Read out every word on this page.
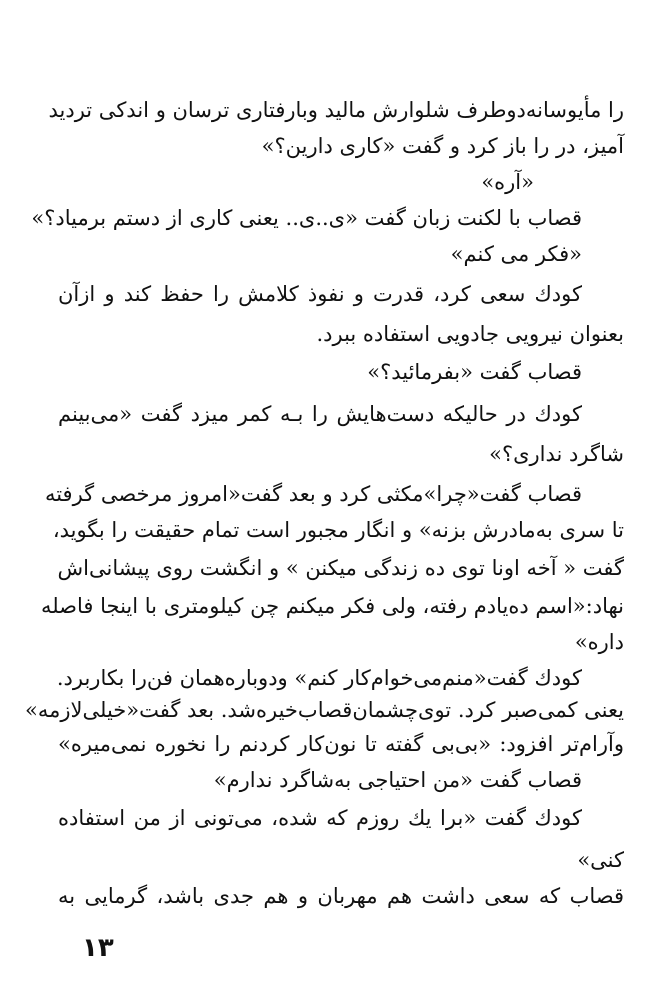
را مأیوسانه‌دوطرف شلوارش مالید وبارفتاری ترسان و اندکی تردید
آمیز، در را باز کرد و گفت «کاری دارین؟»
«آره»
قصاب با لکنت زبان گفت «ی..ی.. یعنی کاری از دستم برمیاد؟»
«فکر می کنم»
کودك سعی کرد، قدرت و نفوذ کلامش را حفظ کند و ازآن
بعنوان نیرویی جادویی استفاده ببرد.
قصاب گفت «بفرمائید؟»
کودك در حالیکه دست‌هایش را بـه کمر میزد گفت «می‌بینم
شاگرد نداری؟»
قصاب گفت«چرا»مکثی کرد و بعد گفت«امروز مرخصی گرفته
تا سری به‌مادرش بزنه» و انگار مجبور است تمام حقیقت را بگوید،
گفت « آخه اونا توی ده زندگی میکنن » و انگشت روی پیشانی‌اش
نهاد:«اسم ده‌یادم رفته، ولی فکر میکنم چن کیلومتری با اینجا فاصله
داره»
کودك گفت«منم‌می‌خوام‌کار کنم» ودوباره‌همان فن‌را بکاربرد.
یعنی کمی‌صبر کرد. توی‌چشمان‌قصاب‌خیره‌شد. بعد گفت«خیلی‌لازمه»
وآرام‌تر افزود: «بی‌بی گفته تا نون‌کار کردنم را نخوره نمی‌میره»
قصاب گفت «من احتیاجی به‌شاگرد ندارم»
کودك گفت «برا یك روزم که شده، می‌تونی از من استفاده
کنی»
قصاب که سعی داشت هم مهربان و هم جدی باشد، گرمایی به
۱۳
